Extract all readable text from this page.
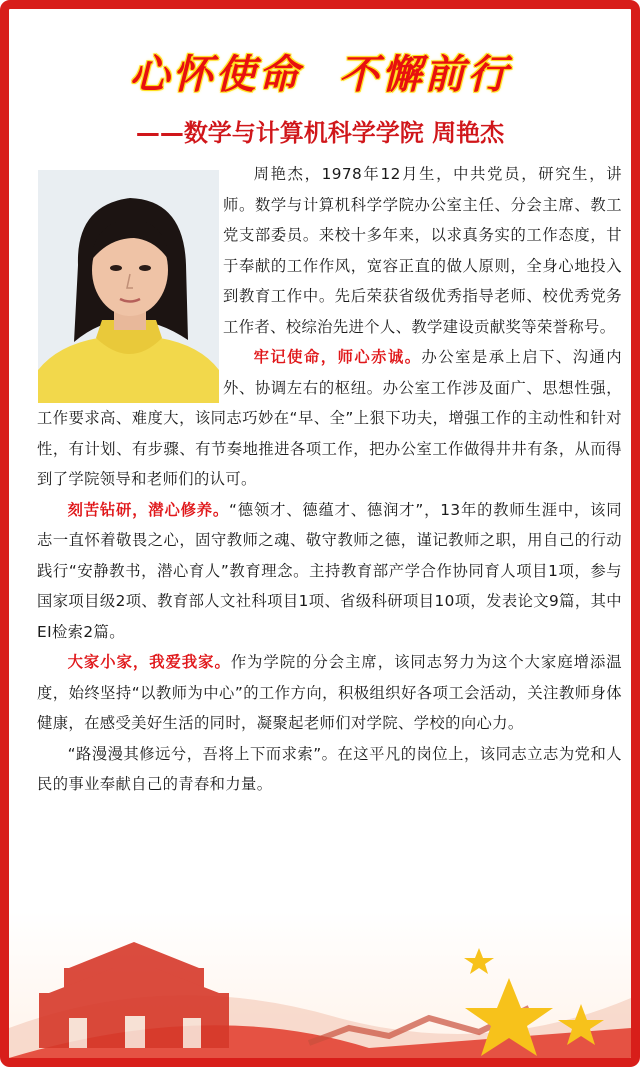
心怀使命 不懈前行
——数学与计算机科学学院 周艳杰

周艳杰，1978年12月生，中共党员，研究生，讲师。数学与计算机科学学院办公室主任、分会主席、教工党支部委员。来校十多年来，以求真务实的工作态度，甘于奉献的工作作风，宽容正直的做人原则，全身心地投入到教育工作中。先后荣获省级优秀指导老师、校优秀党务工作者、校综治先进个人、教学建设贡献奖等荣誉称号。

牢记使命，师心赤诚。办公室是承上启下、沟通内外、协调左右的枢纽。办公室工作涉及面广、思想性强，工作要求高、难度大，该同志巧妙在“早、全”上狠下功夫，增强工作的主动性和针对性，有计划、有步骤、有节奏地推进各项工作，把办公室工作做得井井有条，从而得到了学院领导和老师们的认可。

刻苦钻研，潜心修养。“德领才、德蕴才、德润才”，13年的教师生涯中，该同志一直怀着敬畏之心，固守教师之魂、敬守教师之德，谨记教师之职，用自己的行动践行“安静教书，潜心育人”教育理念。主持教育部产学合作协同育人项目1项，参与国家项目级2项、教育部人文社科项目1项、省级科研项目10项，发表论文9篇，其中EI检索2篇。

大家小家，我爱我家。作为学院的分会主席，该同志努力为这个大家庭增添温度，始终坚持“以教师为中心”的工作方向，积极组织好各项工会活动，关注教师身体健康，在感受美好生活的同时，凝聚起老师们对学院、学校的向心力。

“路漫漫其修远兮，吾将上下而求索”。在这平凡的岗位上，该同志立志为党和人民的事业奉献自己的青春和力量。
